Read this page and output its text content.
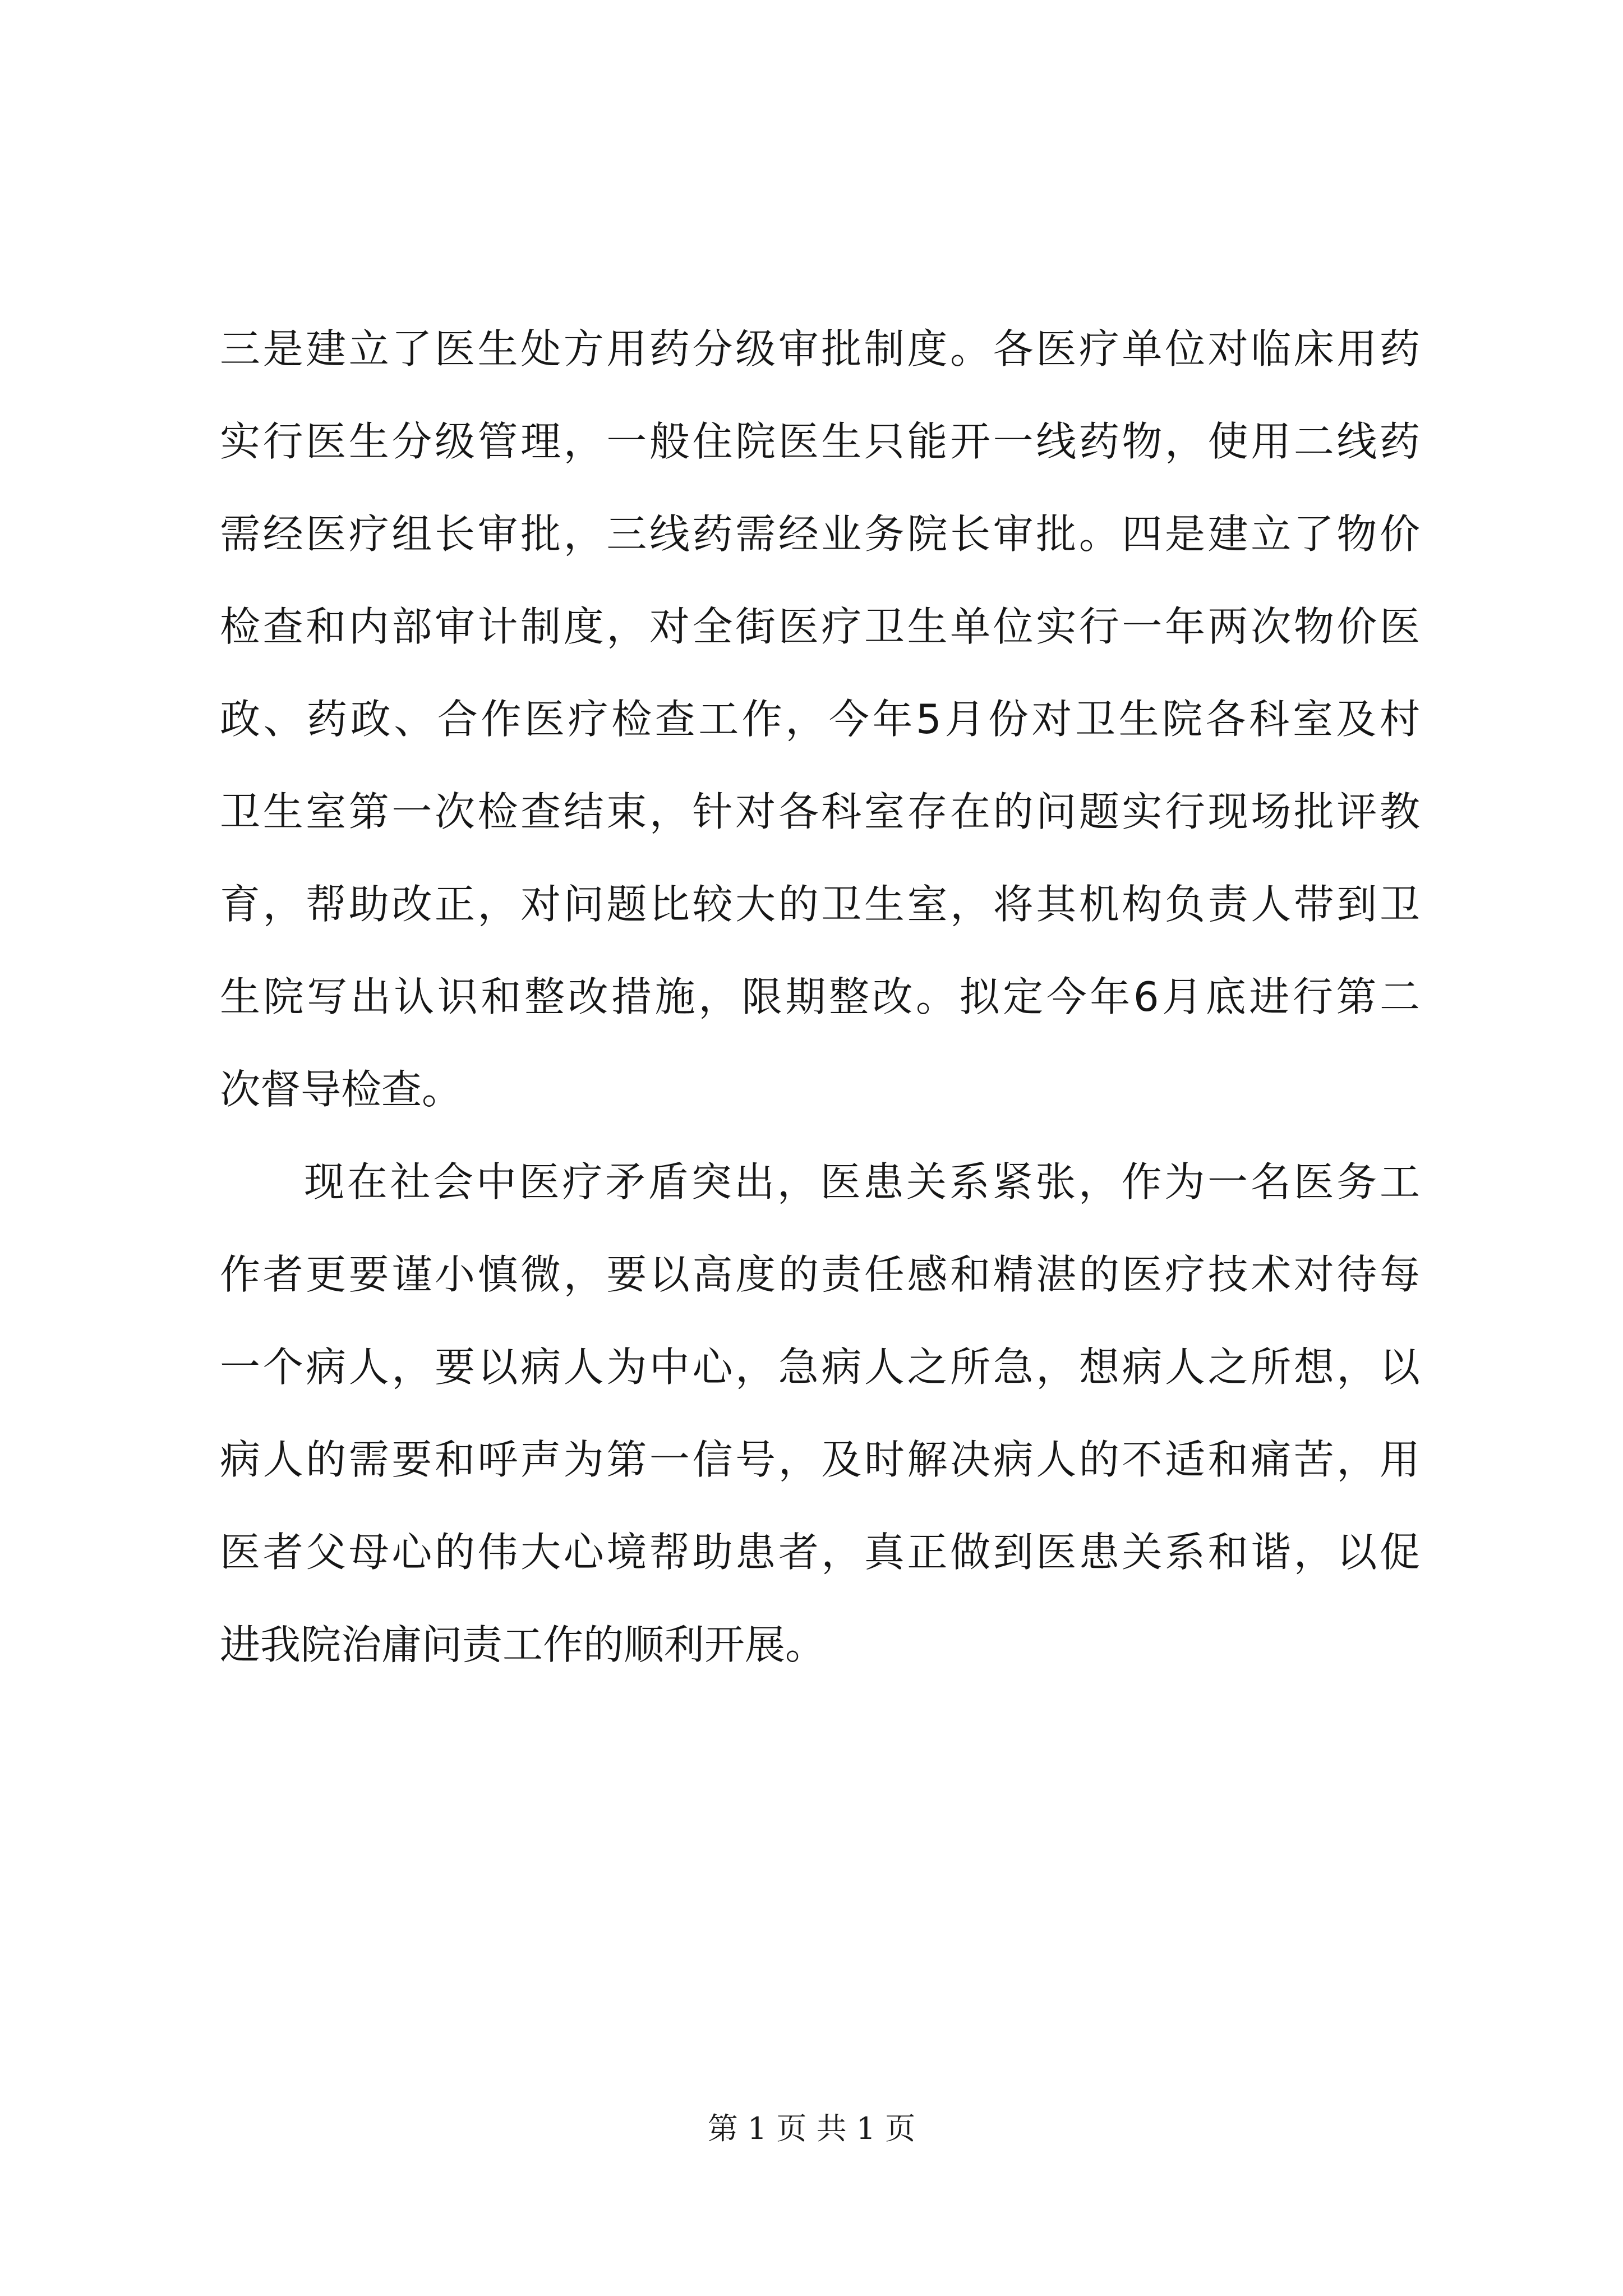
三是建立了医生处方用药分级审批制度。各医疗单位对临床用药
实行医生分级管理，一般住院医生只能开一线药物，使用二线药
需经医疗组长审批，三线药需经业务院长审批。四是建立了物价
检查和内部审计制度，对全街医疗卫生单位实行一年两次物价医
政、药政、合作医疗检查工作，今年5月份对卫生院各科室及村
卫生室第一次检查结束，针对各科室存在的问题实行现场批评教
育，帮助改正，对问题比较大的卫生室，将其机构负责人带到卫
生院写出认识和整改措施，限期整改。拟定今年6月底进行第二
次督导检查。
现在社会中医疗矛盾突出，医患关系紧张，作为一名医务工
作者更要谨小慎微，要以高度的责任感和精湛的医疗技术对待每
一个病人，要以病人为中心，急病人之所急，想病人之所想，以
病人的需要和呼声为第一信号，及时解决病人的不适和痛苦，用
医者父母心的伟大心境帮助患者，真正做到医患关系和谐，以促
进我院治庸问责工作的顺利开展。
第 1 页 共 1 页
